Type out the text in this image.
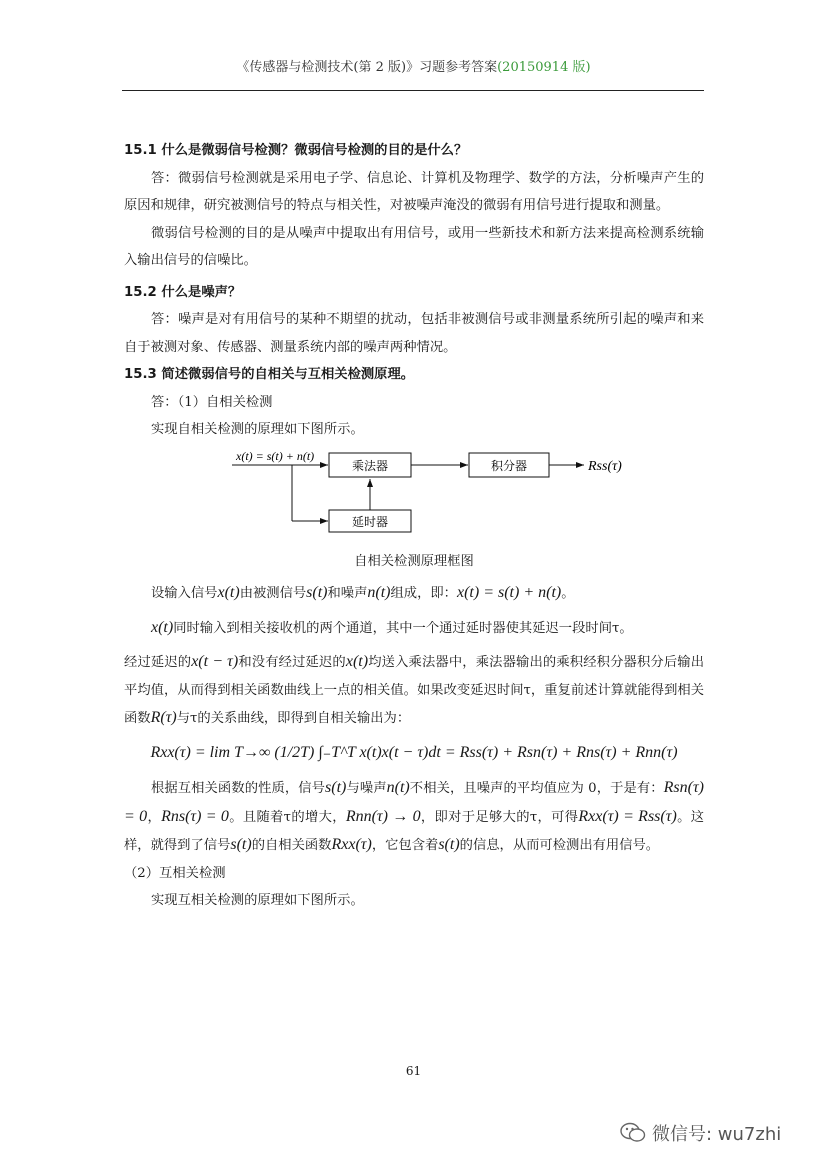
《传感器与检测技术(第 2 版)》习题参考答案(20150914 版)

15.1 什么是微弱信号检测？微弱信号检测的目的是什么？

答：微弱信号检测就是采用电子学、信息论、计算机及物理学、数学的方法，分析噪声产生的原因和规律，研究被测信号的特点与相关性，对被噪声淹没的微弱有用信号进行提取和测量。

微弱信号检测的目的是从噪声中提取出有用信号，或用一些新技术和新方法来提高检测系统输入输出信号的信噪比。

15.2 什么是噪声？

答：噪声是对有用信号的某种不期望的扰动，包括非被测信号或非测量系统所引起的噪声和来自于被测对象、传感器、测量系统内部的噪声两种情况。

15.3 简述微弱信号的自相关与互相关检测原理。

答：（1）自相关检测

实现自相关检测的原理如下图所示。

乘法器
延时器
积分器
x(t) = s(t) + n(t)
Rss(τ)

自相关检测原理框图

设输入信号x(t)由被测信号s(t)和噪声n(t)组成，即：x(t) = s(t) + n(t)。

x(t)同时输入到相关接收机的两个通道，其中一个通过延时器使其延迟一段时间τ。

经过延迟的x(t − τ)和没有经过延迟的x(t)均送入乘法器中，乘法器输出的乘积经积分器积分后输出平均值，从而得到相关函数曲线上一点的相关值。如果改变延迟时间τ，重复前述计算就能得到相关函数R(τ)与τ的关系曲线，即得到自相关输出为：

Rxx(τ) = lim T→∞ (1/2T) ∫₋T^T x(t)x(t − τ)dt = Rss(τ) + Rsn(τ) + Rns(τ) + Rnn(τ)

根据互相关函数的性质，信号s(t)与噪声n(t)不相关，且噪声的平均值应为 0，于是有：Rsn(τ) = 0，Rns(τ) = 0。且随着τ的增大，Rnn(τ) → 0，即对于足够大的τ，可得Rxx(τ) = Rss(τ)。这样，就得到了信号s(t)的自相关函数Rxx(τ)，它包含着s(t)的信息，从而可检测出有用信号。

（2）互相关检测

实现互相关检测的原理如下图所示。

61
微信号: wu7zhi
